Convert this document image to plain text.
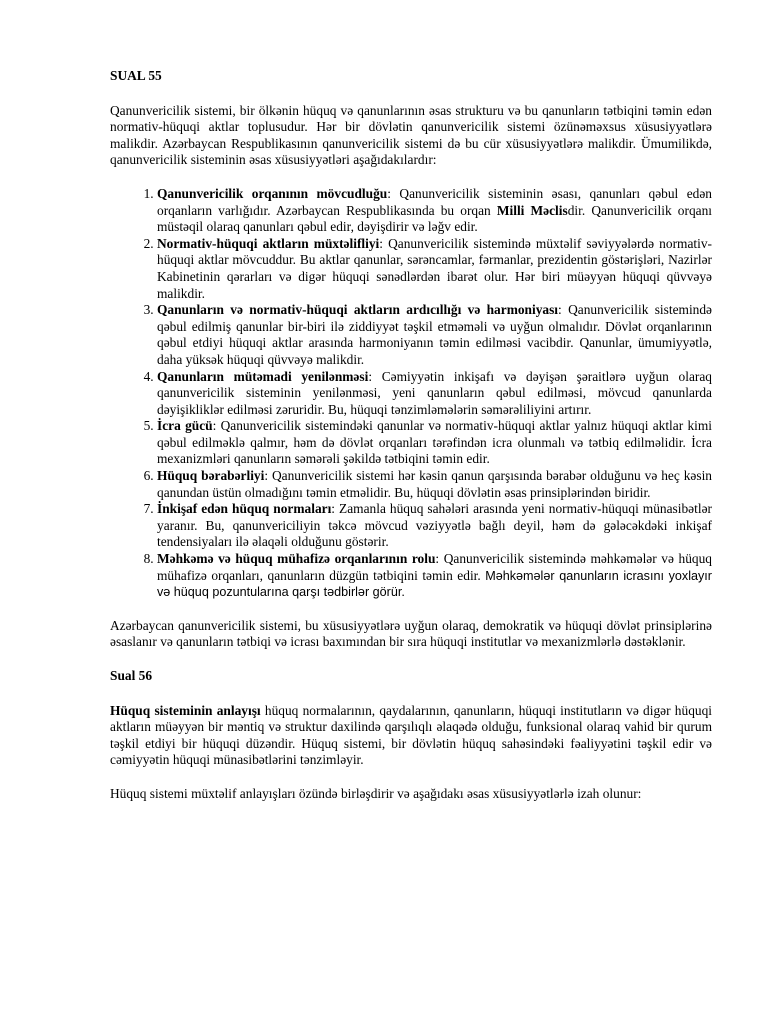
SUAL 55

Qanunvericilik sistemi, bir ölkənin hüquq və qanunlarının əsas strukturu və bu qanunların tətbiqini təmin edən normativ-hüquqi aktlar toplusudur. Hər bir dövlətin qanunvericilik sistemi özünəməxsus xüsusiyyətlərə malikdir. Azərbaycan Respublikasının qanunvericilik sistemi də bu cür xüsusiyyətlərə malikdir. Ümumilikdə, qanunvericilik sisteminin əsas xüsusiyyətləri aşağıdakılardır:

1. Qanunvericilik orqanının mövcudluğu: Qanunvericilik sisteminin əsası, qanunları qəbul edən orqanların varlığıdır. Azərbaycan Respublikasında bu orqan Milli Məclisdir. Qanunvericilik orqanı müstəqil olaraq qanunları qəbul edir, dəyişdirir və ləğv edir.
2. Normativ-hüquqi aktların müxtəlifliyi: Qanunvericilik sistemində müxtəlif səviyyələrdə normativ-hüquqi aktlar mövcuddur. Bu aktlar qanunlar, sərəncamlar, fərmanlar, prezidentin göstərişləri, Nazirlər Kabinetinin qərarları və digər hüquqi sənədlərdən ibarət olur. Hər biri müəyyən hüquqi qüvvəyə malikdir.
3. Qanunların və normativ-hüquqi aktların ardıcıllığı və harmoniyası: Qanunvericilik sistemində qəbul edilmiş qanunlar bir-biri ilə ziddiyyət təşkil etməməli və uyğun olmalıdır. Dövlət orqanlarının qəbul etdiyi hüquqi aktlar arasında harmoniyanın təmin edilməsi vacibdir. Qanunlar, ümumiyyətlə, daha yüksək hüquqi qüvvəyə malikdir.
4. Qanunların mütəmadi yenilənməsi: Cəmiyyətin inkişafı və dəyişən şəraitlərə uyğun olaraq qanunvericilik sisteminin yenilənməsi, yeni qanunların qəbul edilməsi, mövcud qanunlarda dəyişikliklər edilməsi zəruridir. Bu, hüquqi tənzimləmələrin səmərəliliyini artırır.
5. İcra gücü: Qanunvericilik sistemindəki qanunlar və normativ-hüquqi aktlar yalnız hüquqi aktlar kimi qəbul edilməklə qalmır, həm də dövlət orqanları tərəfindən icra olunmalı və tətbiq edilməlidir. İcra mexanizmləri qanunların səmərəli şəkildə tətbiqini təmin edir.
6. Hüquq bərabərliyi: Qanunvericilik sistemi hər kəsin qanun qarşısında bərabər olduğunu və heç kəsin qanundan üstün olmadığını təmin etməlidir. Bu, hüquqi dövlətin əsas prinsiplərindən biridir.
7. İnkişaf edən hüquq normaları: Zamanla hüquq sahələri arasında yeni normativ-hüquqi münasibətlər yaranır. Bu, qanunvericiliyin təkcə mövcud vəziyyətlə bağlı deyil, həm də gələcəkdəki inkişaf tendensiyaları ilə əlaqəli olduğunu göstərir.
8. Məhkəmə və hüquq mühafizə orqanlarının rolu: Qanunvericilik sistemində məhkəmələr və hüquq mühafizə orqanları, qanunların düzgün tətbiqini təmin edir. Məhkəmələr qanunların icrasını yoxlayır və hüquq pozuntularına qarşı tədbirlər görür.

Azərbaycan qanunvericilik sistemi, bu xüsusiyyətlərə uyğun olaraq, demokratik və hüquqi dövlət prinsiplərinə əsaslanır və qanunların tətbiqi və icrası baxımından bir sıra hüquqi institutlar və mexanizmlərlə dəstəklənir.

Sual 56

Hüquq sisteminin anlayışı hüquq normalarının, qaydalarının, qanunların, hüquqi institutların və digər hüquqi aktların müəyyən bir məntiq və struktur daxilində qarşılıqlı əlaqədə olduğu, funksional olaraq vahid bir qurum təşkil etdiyi bir hüquqi düzəndir. Hüquq sistemi, bir dövlətin hüquq sahəsindəki fəaliyyətini təşkil edir və cəmiyyətin hüquqi münasibətlərini tənzimləyir.

Hüquq sistemi müxtəlif anlayışları özündə birləşdirir və aşağıdakı əsas xüsusiyyətlərlə izah olunur:
